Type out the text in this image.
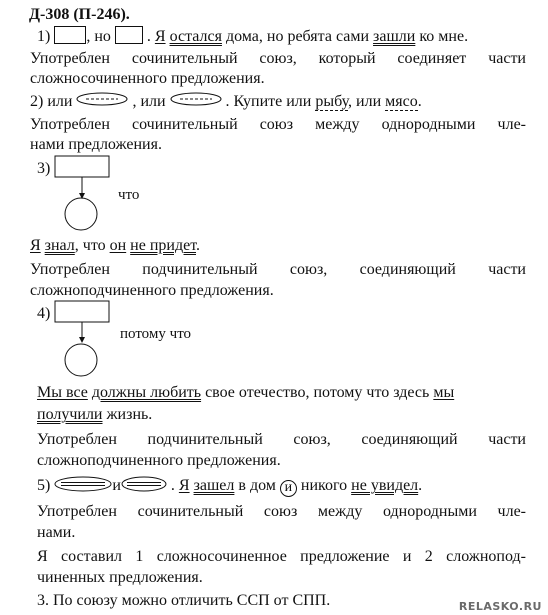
Д-308 (П-246).
1) , но . Я остался дома, но ребята сами зашли ко мне.
Употреблен сочинительный союз, который соединяет части
сложносочиненного предложения.
2) или	, или	. Купите или рыбу, или мясо.
Употреблен сочинительный союз между однородными чле-
нами предложения.
3)
что
Я знал, что он не придет.
Употреблен подчинительный союз, соединяющий части
сложноподчиненного предложения.
4)
потому что
Мы все должны любить свое отечество, потому что здесь мы
получили жизнь.
Употреблен подчинительный союз, соединяющий части
сложноподчиненного предложения.
5)	и	. Я зашел в дом и никого не увидел.
Употреблен сочинительный союз между однородными чле-
нами.
Я составил 1 сложносочиненное предложение и 2 сложнопод-
чиненных предложения.
3. По союзу можно отличить ССП от СПП.	RELASKO.RU
